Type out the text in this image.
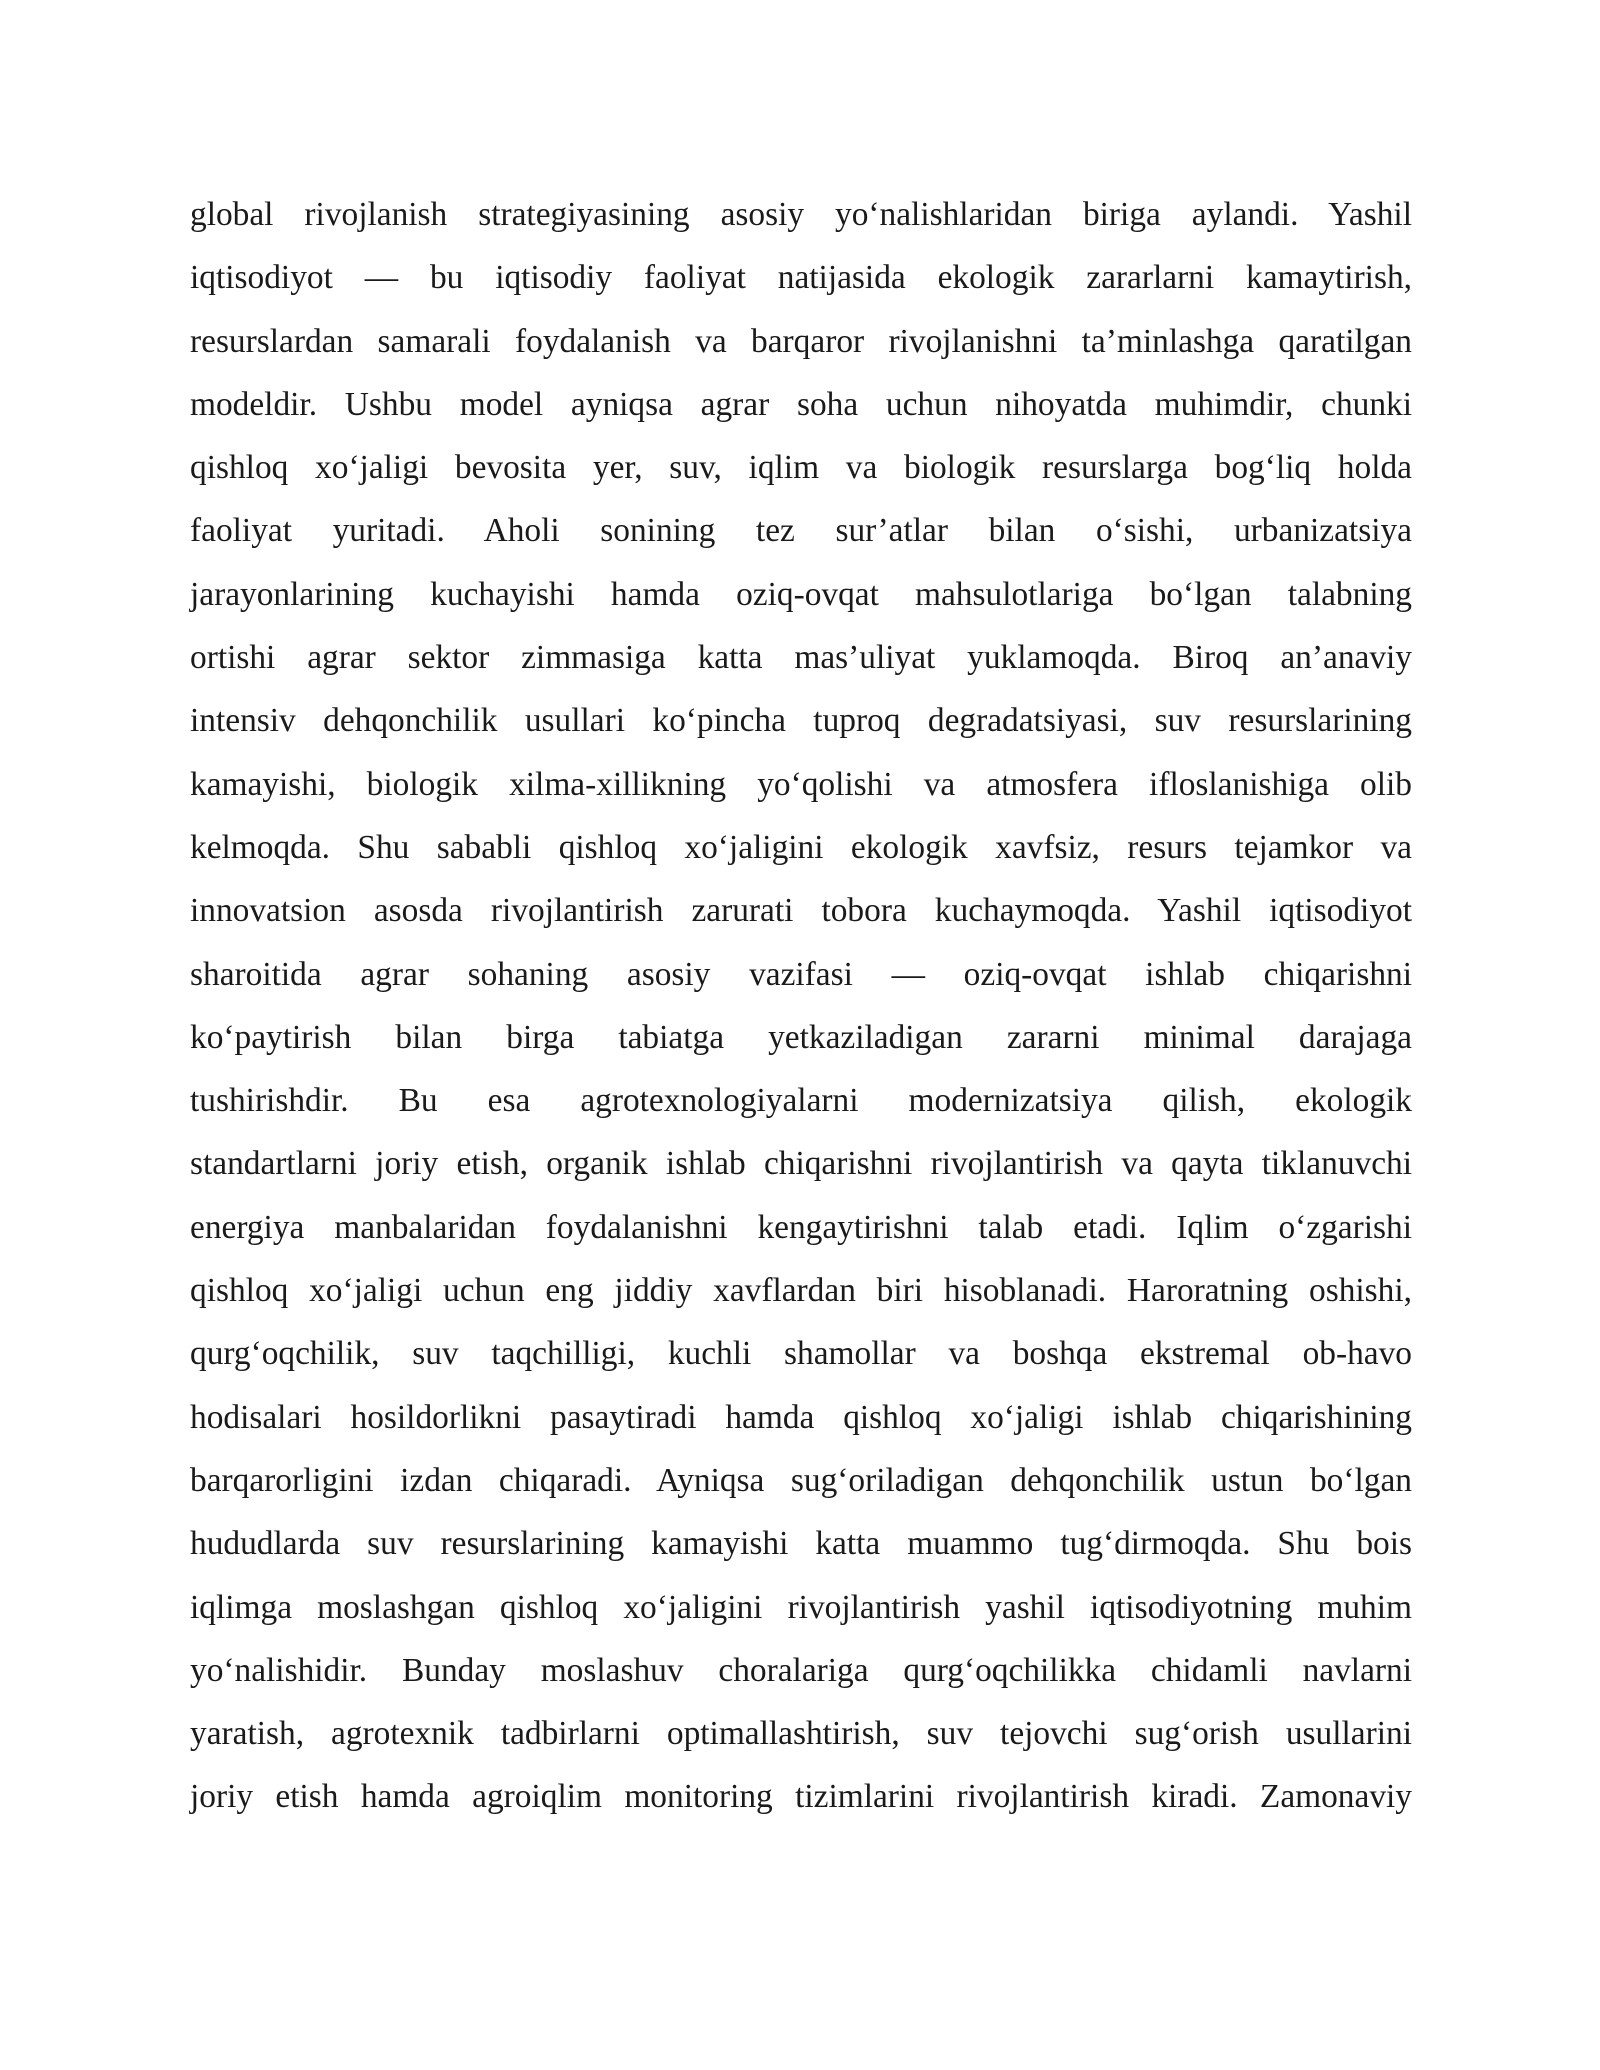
global rivojlanish strategiyasining asosiy yo‘nalishlaridan biriga aylandi. Yashil
iqtisodiyot — bu iqtisodiy faoliyat natijasida ekologik zararlarni kamaytirish,
resurslardan samarali foydalanish va barqaror rivojlanishni ta’minlashga qaratilgan
modeldir. Ushbu model ayniqsa agrar soha uchun nihoyatda muhimdir, chunki
qishloq xo‘jaligi bevosita yer, suv, iqlim va biologik resurslarga bog‘liq holda
faoliyat yuritadi. Aholi sonining tez sur’atlar bilan o‘sishi, urbanizatsiya
jarayonlarining kuchayishi hamda oziq-ovqat mahsulotlariga bo‘lgan talabning
ortishi agrar sektor zimmasiga katta mas’uliyat yuklamoqda. Biroq an’anaviy
intensiv dehqonchilik usullari ko‘pincha tuproq degradatsiyasi, suv resurslarining
kamayishi, biologik xilma-xillikning yo‘qolishi va atmosfera ifloslanishiga olib
kelmoqda. Shu sababli qishloq xo‘jaligini ekologik xavfsiz, resurs tejamkor va
innovatsion asosda rivojlantirish zarurati tobora kuchaymoqda. Yashil iqtisodiyot
sharoitida agrar sohaning asosiy vazifasi — oziq-ovqat ishlab chiqarishni
ko‘paytirish bilan birga tabiatga yetkaziladigan zararni minimal darajaga
tushirishdir. Bu esa agrotexnologiyalarni modernizatsiya qilish, ekologik
standartlarni joriy etish, organik ishlab chiqarishni rivojlantirish va qayta tiklanuvchi
energiya manbalaridan foydalanishni kengaytirishni talab etadi. Iqlim o‘zgarishi
qishloq xo‘jaligi uchun eng jiddiy xavflardan biri hisoblanadi. Haroratning oshishi,
qurg‘oqchilik, suv taqchilligi, kuchli shamollar va boshqa ekstremal ob-havo
hodisalari hosildorlikni pasaytiradi hamda qishloq xo‘jaligi ishlab chiqarishining
barqarorligini izdan chiqaradi. Ayniqsa sug‘oriladigan dehqonchilik ustun bo‘lgan
hududlarda suv resurslarining kamayishi katta muammo tug‘dirmoqda. Shu bois
iqlimga moslashgan qishloq xo‘jaligini rivojlantirish yashil iqtisodiyotning muhim
yo‘nalishidir. Bunday moslashuv choralariga qurg‘oqchilikka chidamli navlarni
yaratish, agrotexnik tadbirlarni optimallashtirish, suv tejovchi sug‘orish usullarini
joriy etish hamda agroiqlim monitoring tizimlarini rivojlantirish kiradi. Zamonaviy
